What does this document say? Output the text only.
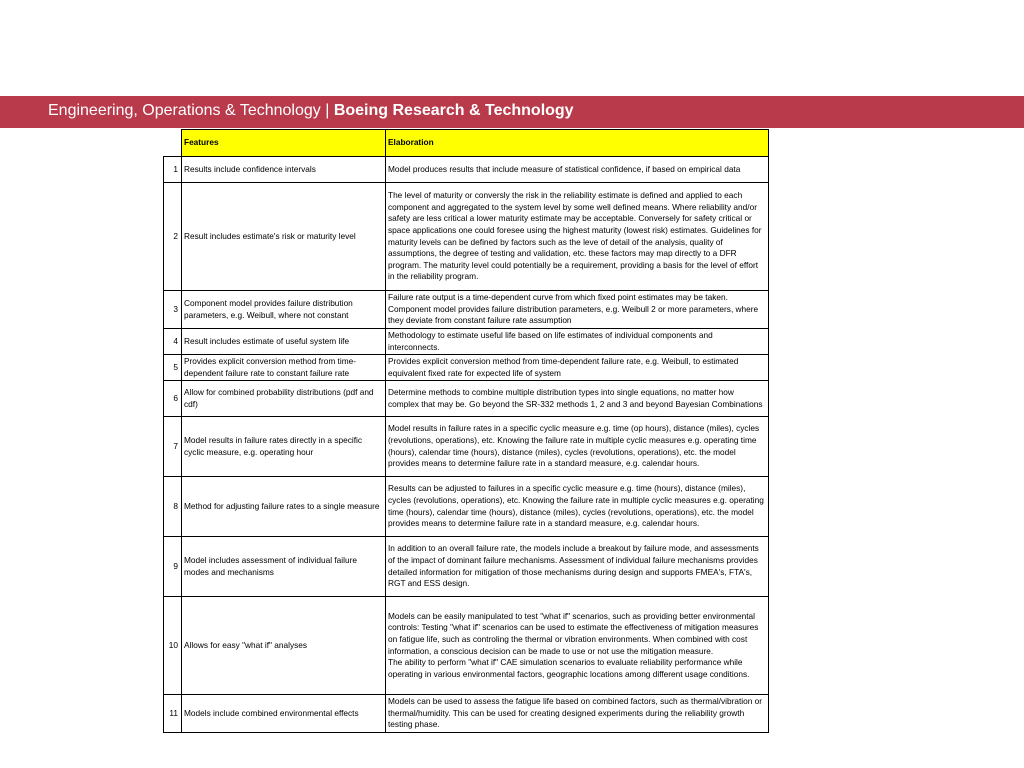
Engineering, Operations & Technology | Boeing Research & Technology
	Features	Elaboration
1	Results include confidence intervals	Model produces results that include measure of statistical confidence, if based on empirical data

2	Result includes estimate's risk or maturity level	The level of maturity or conversly the risk in the reliability estimate is defined and applied to each component and aggregated to the system level by some well defined means. Where reliability and/or safety are less critical a lower maturity estimate may be acceptable. Conversely for safety critical or space applications one could foresee using the highest maturity (lowest risk) estimates. Guidelines for maturity levels can be defined by factors such as the leve of detail of the analysis, quality of assumptions, the degree of testing and validation, etc. these factors may map directly to a DFR program. The maturity level could potentially be a requirement, providing a basis for the level of effort in the reliability program.

3	Component model provides failure distribution parameters, e.g. Weibull, where not constant	Failure rate output is a time-dependent curve from which fixed point estimates may be taken. Component model provides failure distribution parameters, e.g. Weibull 2 or more parameters, where they deviate from constant failure rate assumption

4	Result includes estimate of useful system life	Methodology to estimate useful life based on life estimates of individual components and interconnects.

5	Provides explicit conversion method from time-dependent failure rate to constant failure rate	Provides explicit conversion method from time-dependent failure rate, e.g. Weibull, to estimated equivalent fixed rate for expected life of system

6	Allow for combined probability distributions (pdf and cdf)	Determine methods to combine multiple distribution types into single equations, no matter how complex that may be. Go beyond the SR-332 methods 1, 2 and 3 and beyond Bayesian Combinations

7	Model results in failure rates directly in a specific cyclic measure, e.g. operating hour	Model results in failure rates in a specific cyclic measure e.g. time (op hours), distance (miles), cycles (revolutions, operations), etc. Knowing the failure rate in multiple cyclic measures e.g. operating time (hours), calendar time (hours), distance (miles), cycles (revolutions, operations), etc. the model provides means to determine failure rate in a standard measure, e.g. calendar hours.

8	Method for adjusting failure rates to a single measure	Results can be adjusted to failures in a specific cyclic measure e.g. time (hours), distance (miles), cycles (revolutions, operations), etc. Knowing the failure rate in multiple cyclic measures e.g. operating time (hours), calendar time (hours), distance (miles), cycles (revolutions, operations), etc. the model provides means to determine failure rate in a standard measure, e.g. calendar hours.

9	Model includes assessment of individual failure modes and mechanisms	In addition to an overall failure rate, the models include a breakout by failure mode, and assessments of the impact of dominant failure mechanisms. Assessment of individual failure mechanisms provides detailed information for mitigation of those mechanisms during design and supports FMEA's, FTA's, RGT and ESS design.

10	Allows for easy "what if" analyses	Models can be easily manipulated to test "what if" scenarios, such as providing better environmental controls: Testing "what if" scenarios can be used to estimate the effectiveness of mitigation measures on fatigue life, such as controling the thermal or vibration environments. When combined with cost information, a conscious decision can be made to use or not use the mitigation measure.
The ability to perform "what if" CAE simulation scenarios to evaluate reliability performance while operating in various environmental factors, geographic locations among different usage conditions.

11	Models include combined environmental effects	Models can be used to assess the fatigue life based on combined factors, such as thermal/vibration or thermal/humidity. This can be used for creating designed experiments during the reliability growth testing phase.
